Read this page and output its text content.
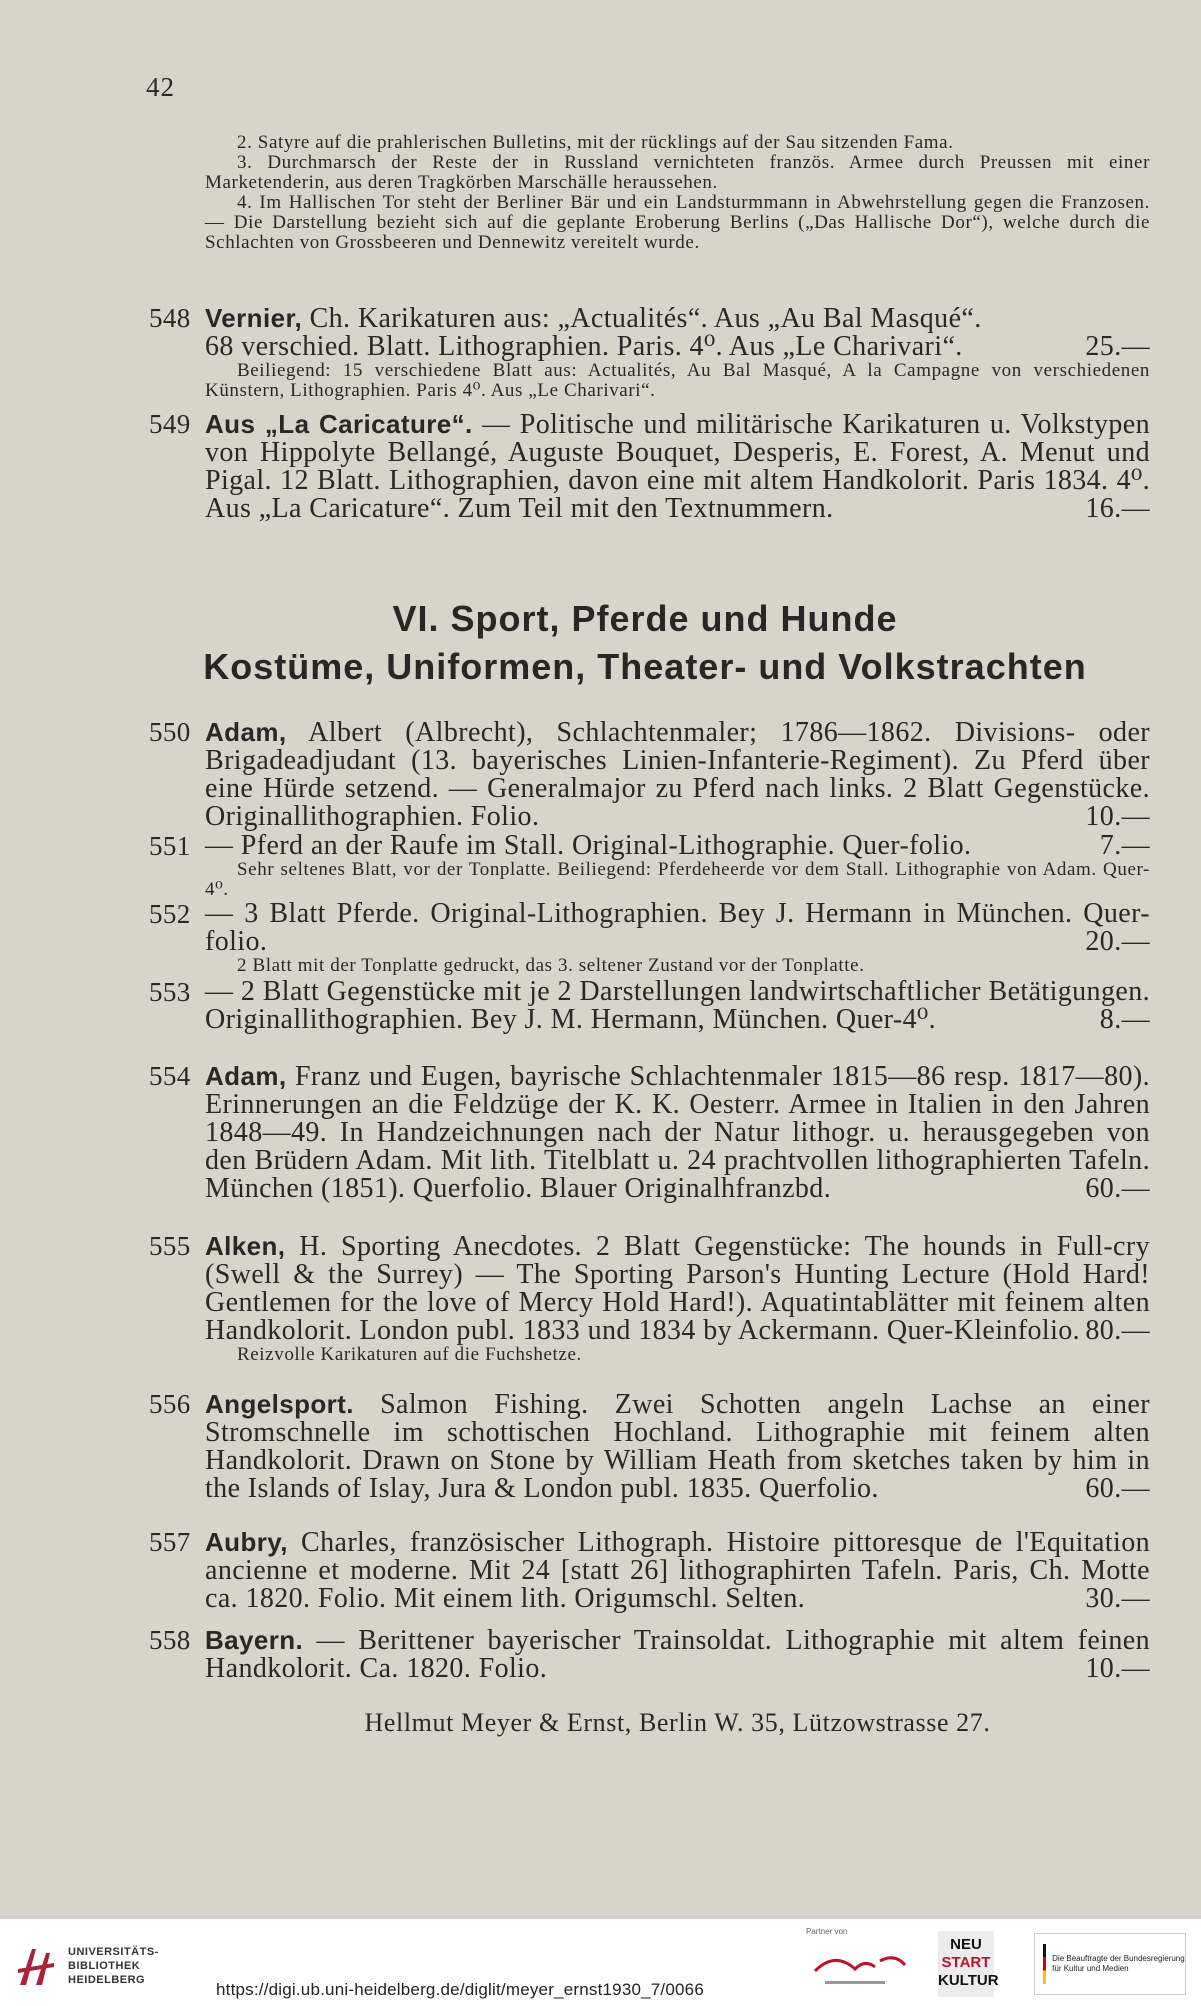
42

2. Satyre auf die prahlerischen Bulletins, mit der rücklings auf der Sau sitzenden Fama.

3. Durchmarsch der Reste der in Russland vernichteten französ. Armee durch Preussen mit einer Marketenderin, aus deren Tragkörben Marschälle heraussehen.

4. Im Hallischen Tor steht der Berliner Bär und ein Landsturmmann in Abwehrstellung gegen die Franzosen. — Die Darstellung bezieht sich auf die geplante Eroberung Berlins („Das Hallische Dor“), welche durch die Schlachten von Grossbeeren und Dennewitz vereitelt wurde.

548 Vernier, Ch. Karikaturen aus: „Actualités“. Aus „Au Bal Masqué“.
68 verschied. Blatt. Lithographien. Paris. 4⁰. Aus „Le Charivari“.	25.—

Beiliegend: 15 verschiedene Blatt aus: Actualités, Au Bal Masqué, A la Campagne von verschiedenen Künstern, Lithographien. Paris 4⁰. Aus „Le Charivari“.

549 Aus „La Caricature“. — Politische und militärische Karikaturen u. Volkstypen von Hippolyte Bellangé, Auguste Bouquet, Desperis, E. Forest, A. Menut und Pigal. 12 Blatt. Lithographien, davon eine mit altem Handkolorit. Paris 1834. 4⁰. Aus „La Caricature“. Zum Teil mit den Textnummern.	16.—

VI. Sport, Pferde und Hunde
Kostüme, Uniformen, Theater- und Volkstrachten
550 Adam, Albert (Albrecht), Schlachtenmaler; 1786—1862. Divisions- oder Brigadeadjudant (13. bayerisches Linien-Infanterie-Regiment). Zu Pferd über eine Hürde setzend. — Generalmajor zu Pferd nach links. 2 Blatt Gegenstücke. Originallithographien. Folio.	10.—

551 — Pferd an der Raufe im Stall. Original-Lithographie. Quer-folio.	7.—

Sehr seltenes Blatt, vor der Tonplatte. Beiliegend: Pferdeheerde vor dem Stall. Lithographie von Adam. Quer-4⁰.

552 — 3 Blatt Pferde. Original-Lithographien. Bey J. Hermann in München. Quer-folio.	20.—

2 Blatt mit der Tonplatte gedruckt, das 3. seltener Zustand vor der Tonplatte.

553 — 2 Blatt Gegenstücke mit je 2 Darstellungen landwirtschaftlicher Betätigungen. Originallithographien. Bey J. M. Hermann, München. Quer-4⁰.	8.—

554 Adam, Franz und Eugen, bayrische Schlachtenmaler 1815—86 resp. 1817—80). Erinnerungen an die Feldzüge der K. K. Oesterr. Armee in Italien in den Jahren 1848—49. In Handzeichnungen nach der Natur lithogr. u. herausgegeben von den Brüdern Adam. Mit lith. Titelblatt u. 24 prachtvollen lithographierten Tafeln. München (1851). Querfolio. Blauer Originalhfranzbd.	60.—

555 Alken, H. Sporting Anecdotes. 2 Blatt Gegenstücke: The hounds in Full-cry (Swell & the Surrey) — The Sporting Parson's Hunting Lecture (Hold Hard! Gentlemen for the love of Mercy Hold Hard!). Aquatintablätter mit feinem alten Handkolorit. London publ. 1833 und 1834 by Ackermann. Quer-Kleinfolio. 80.—

Reizvolle Karikaturen auf die Fuchshetze.

556 Angelsport. Salmon Fishing. Zwei Schotten angeln Lachse an einer Stromschnelle im schottischen Hochland. Lithographie mit feinem alten Handkolorit. Drawn on Stone by William Heath from sketches taken by him in the Islands of Islay, Jura & London publ. 1835. Querfolio.	60.—

557 Aubry, Charles, französischer Lithograph. Histoire pittoresque de l'Equitation ancienne et moderne. Mit 24 [statt 26] lithographirten Tafeln. Paris, Ch. Motte ca. 1820. Folio. Mit einem lith. Origumschl. Selten.	30.—

558 Bayern. — Berittener bayerischer Trainsoldat. Lithographie mit altem feinen Handkolorit. Ca. 1820. Folio.	10.—

Hellmut Meyer & Ernst, Berlin W. 35, Lützowstrasse 27.
UNIVERSITÄTS-
BIBLIOTHEK
HEIDELBERG
Partner von
NEU
START
KULTUR
Die Beauftragte der Bundesregierung für Kultur und Medien
https://digi.ub.uni-heidelberg.de/diglit/meyer_ernst1930_7/0066
